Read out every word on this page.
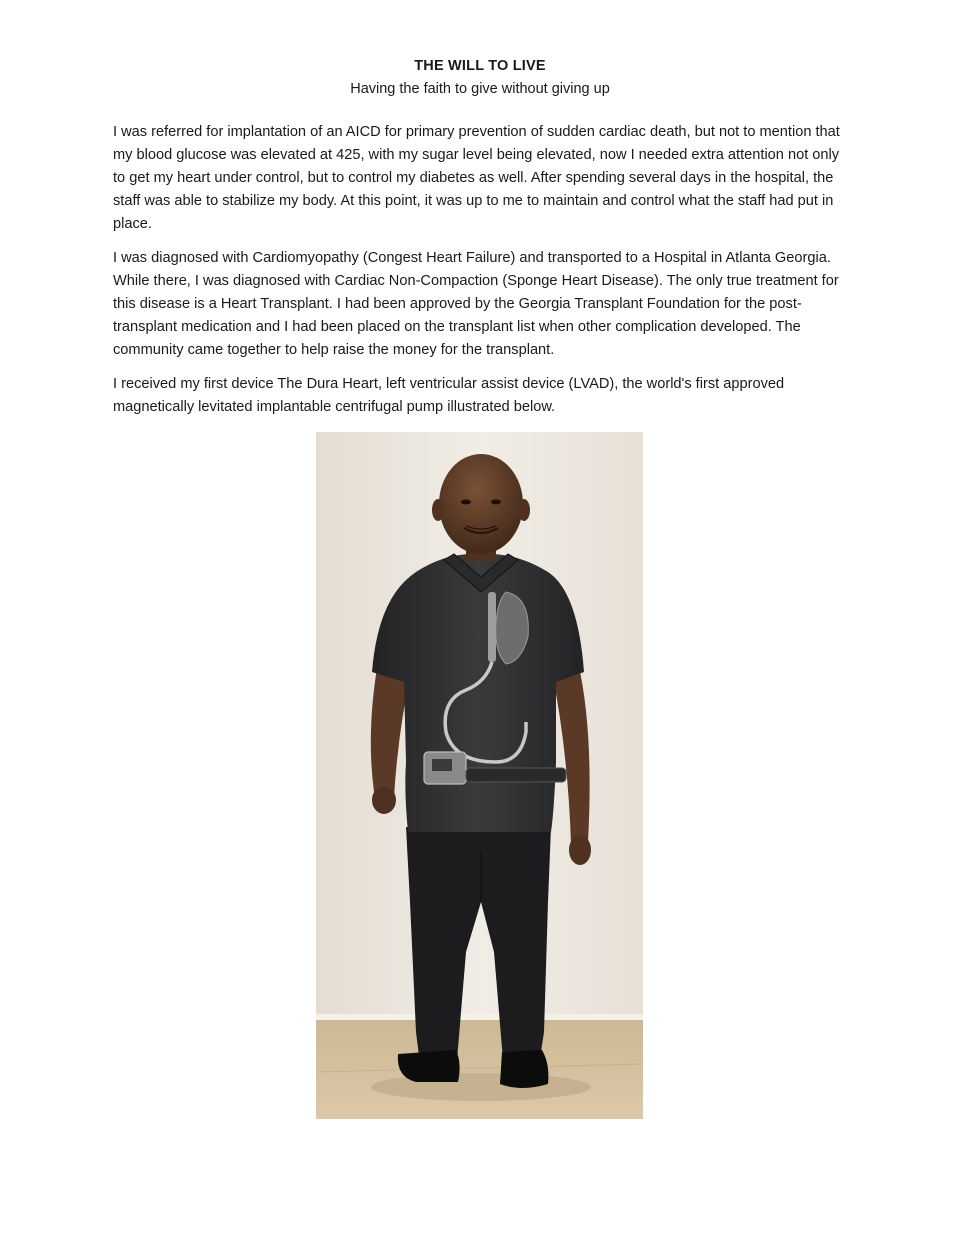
THE WILL TO LIVE
Having the faith to give without giving up

I was referred for implantation of an AICD for primary prevention of sudden cardiac death, but not to mention that my blood glucose was elevated at 425, with my sugar level being elevated, now I needed extra attention not only to get my heart under control, but to control my diabetes as well. After spending several days in the hospital, the staff was able to stabilize my body. At this point, it was up to me to maintain and control what the staff had put in place.

I was diagnosed with Cardiomyopathy (Congest Heart Failure) and transported to a Hospital in Atlanta Georgia. While there, I was diagnosed with Cardiac Non-Compaction (Sponge Heart Disease). The only true treatment for this disease is a Heart Transplant. I had been approved by the Georgia Transplant Foundation for the post-transplant medication and I had been placed on the transplant list when other complication developed. The community came together to help raise the money for the transplant.

I received my first device The Dura Heart, left ventricular assist device (LVAD), the world's first approved magnetically levitated implantable centrifugal pump illustrated below.
